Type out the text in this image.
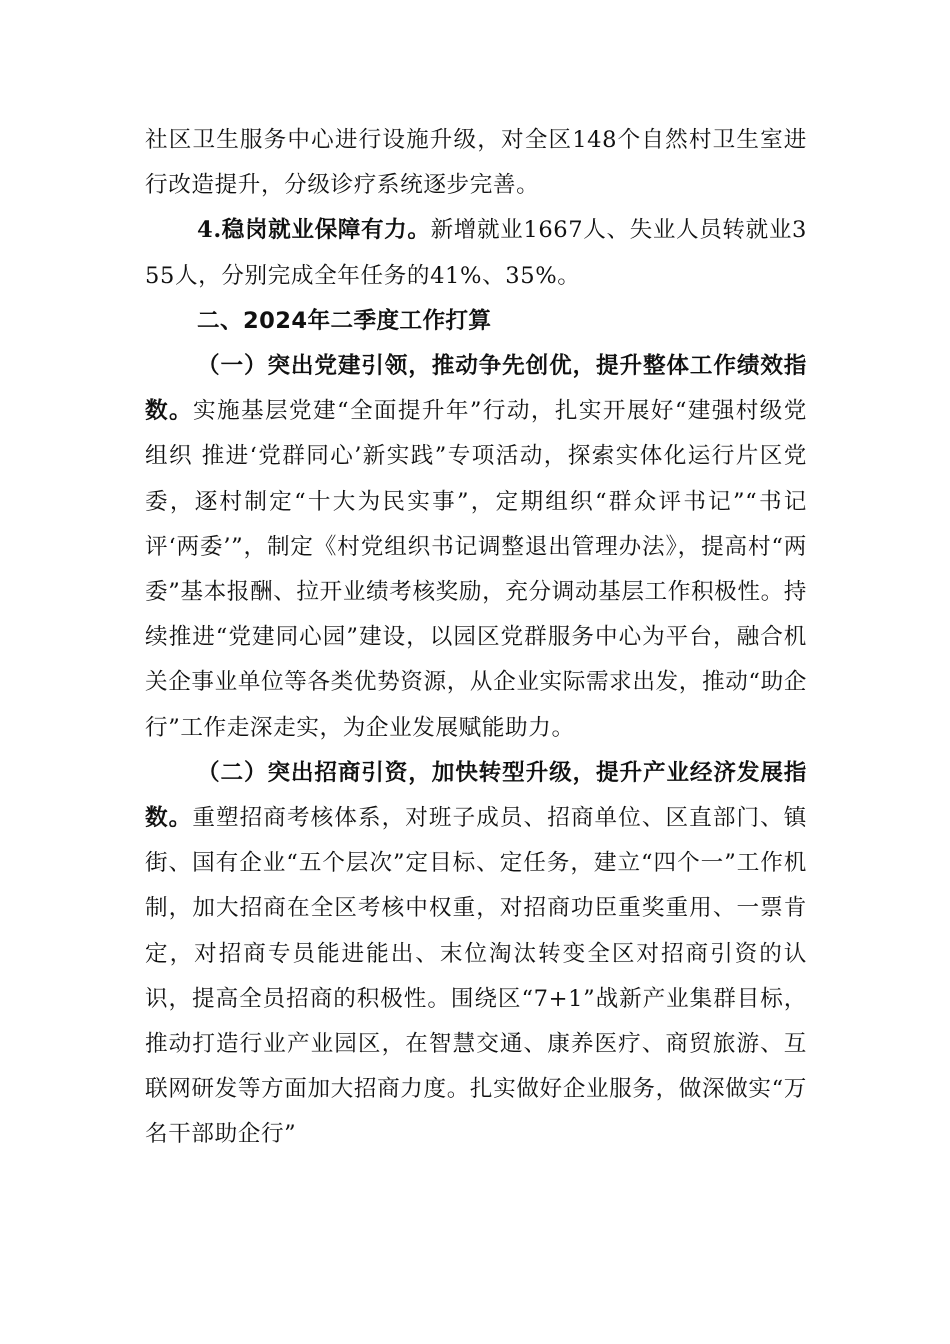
社区卫生服务中心进行设施升级，对全区148个自然村卫生室进行改造提升，分级诊疗系统逐步完善。

4.稳岗就业保障有力。新增就业1667人、失业人员转就业355人，分别完成全年任务的41%、35%。

二、2024年二季度工作打算

（一）突出党建引领，推动争先创优，提升整体工作绩效指数。实施基层党建“全面提升年”行动，扎实开展好“建强村级党组织 推进‘党群同心’新实践”专项活动，探索实体化运行片区党委，逐村制定“十大为民实事”，定期组织“群众评书记”“书记评‘两委’”，制定《村党组织书记调整退出管理办法》，提高村“两委”基本报酬、拉开业绩考核奖励，充分调动基层工作积极性。持续推进“党建同心园”建设，以园区党群服务中心为平台，融合机关企事业单位等各类优势资源，从企业实际需求出发，推动“助企行”工作走深走实，为企业发展赋能助力。

（二）突出招商引资，加快转型升级，提升产业经济发展指数。重塑招商考核体系，对班子成员、招商单位、区直部门、镇街、国有企业“五个层次”定目标、定任务，建立“四个一”工作机制，加大招商在全区考核中权重，对招商功臣重奖重用、一票肯定，对招商专员能进能出、末位淘汰转变全区对招商引资的认识，提高全员招商的积极性。围绕区“7+1”战新产业集群目标，推动打造行业产业园区，在智慧交通、康养医疗、商贸旅游、互联网研发等方面加大招商力度。扎实做好企业服务，做深做实“万名干部助企行”
